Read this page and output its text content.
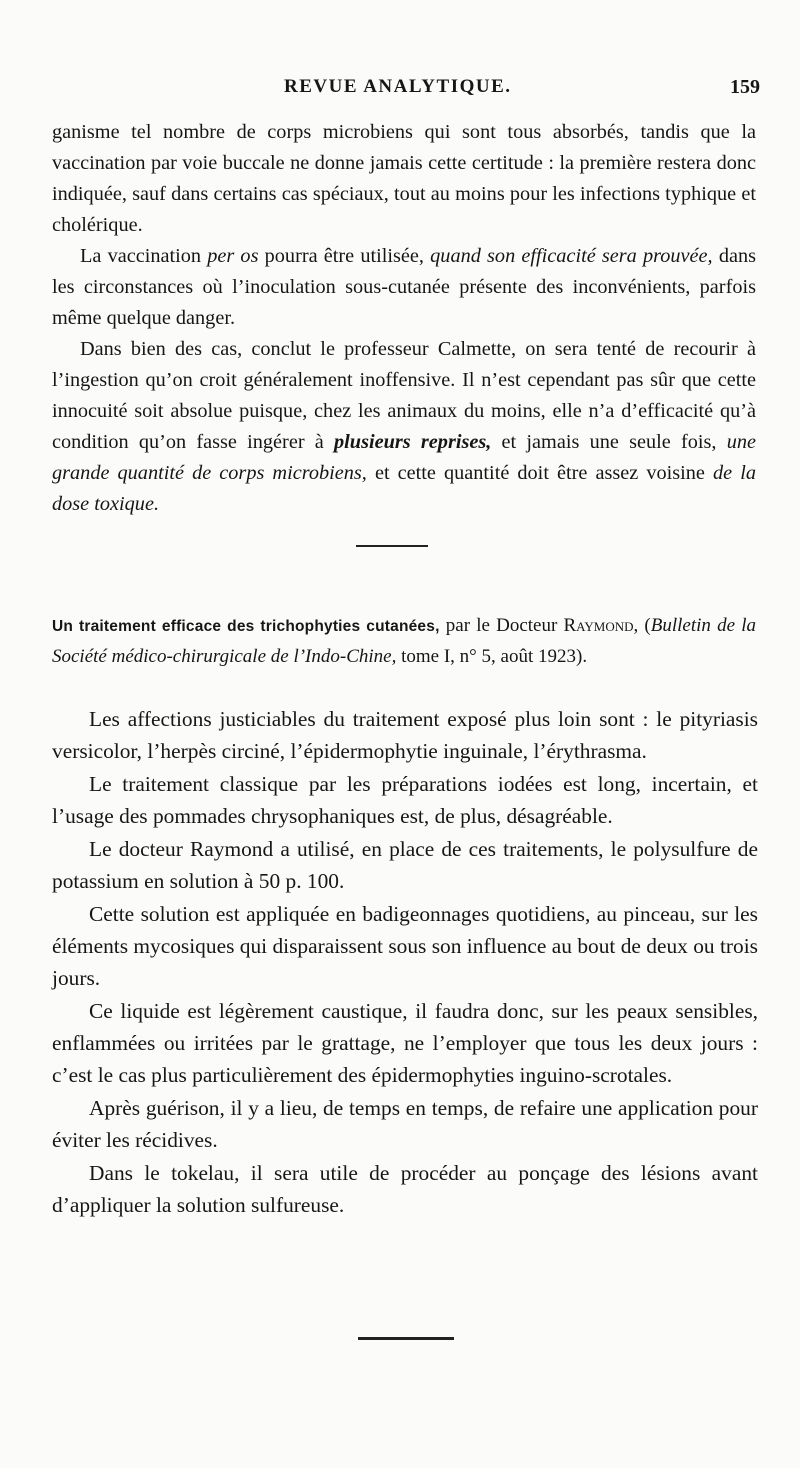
REVUE ANALYTIQUE.	159

ganisme tel nombre de corps microbiens qui sont tous absorbés, tandis que la vaccination par voie buccale ne donne jamais cette certitude : la première restera donc indiquée, sauf dans certains cas spéciaux, tout au moins pour les infections typhique et cholérique.

La vaccination per os pourra être utilisée, quand son efficacité sera prouvée, dans les circonstances où l’inoculation sous-cutanée présente des inconvénients, parfois même quelque danger.

Dans bien des cas, conclut le professeur Calmette, on sera tenté de recourir à l’ingestion qu’on croit généralement inoffensive. Il n’est cependant pas sûr que cette innocuité soit absolue puisque, chez les animaux du moins, elle n’a d’efficacité qu’à condition qu’on fasse ingérer à plusieurs reprises, et jamais une seule fois, une grande quantité de corps microbiens, et cette quantité doit être assez voisine de la dose toxique.

Un traitement efficace des trichophyties cutanées, par le Docteur Raymond, (Bulletin de la Société médico-chirurgicale de l’Indo-Chine, tome I, n° 5, août 1923).

Les affections justiciables du traitement exposé plus loin sont : le pityriasis versicolor, l’herpès circiné, l’épidermophytie inguinale, l’érythrasma.

Le traitement classique par les préparations iodées est long, incertain, et l’usage des pommades chrysophaniques est, de plus, désagréable.

Le docteur Raymond a utilisé, en place de ces traitements, le polysulfure de potassium en solution à 50 p. 100.

Cette solution est appliquée en badigeonnages quotidiens, au pinceau, sur les éléments mycosiques qui disparaissent sous son influence au bout de deux ou trois jours.

Ce liquide est légèrement caustique, il faudra donc, sur les peaux sensibles, enflammées ou irritées par le grattage, ne l’employer que tous les deux jours : c’est le cas plus particulièrement des épidermophyties inguino-scrotales.

Après guérison, il y a lieu, de temps en temps, de refaire une application pour éviter les récidives.

Dans le tokelau, il sera utile de procéder au ponçage des lésions avant d’appliquer la solution sulfureuse.
